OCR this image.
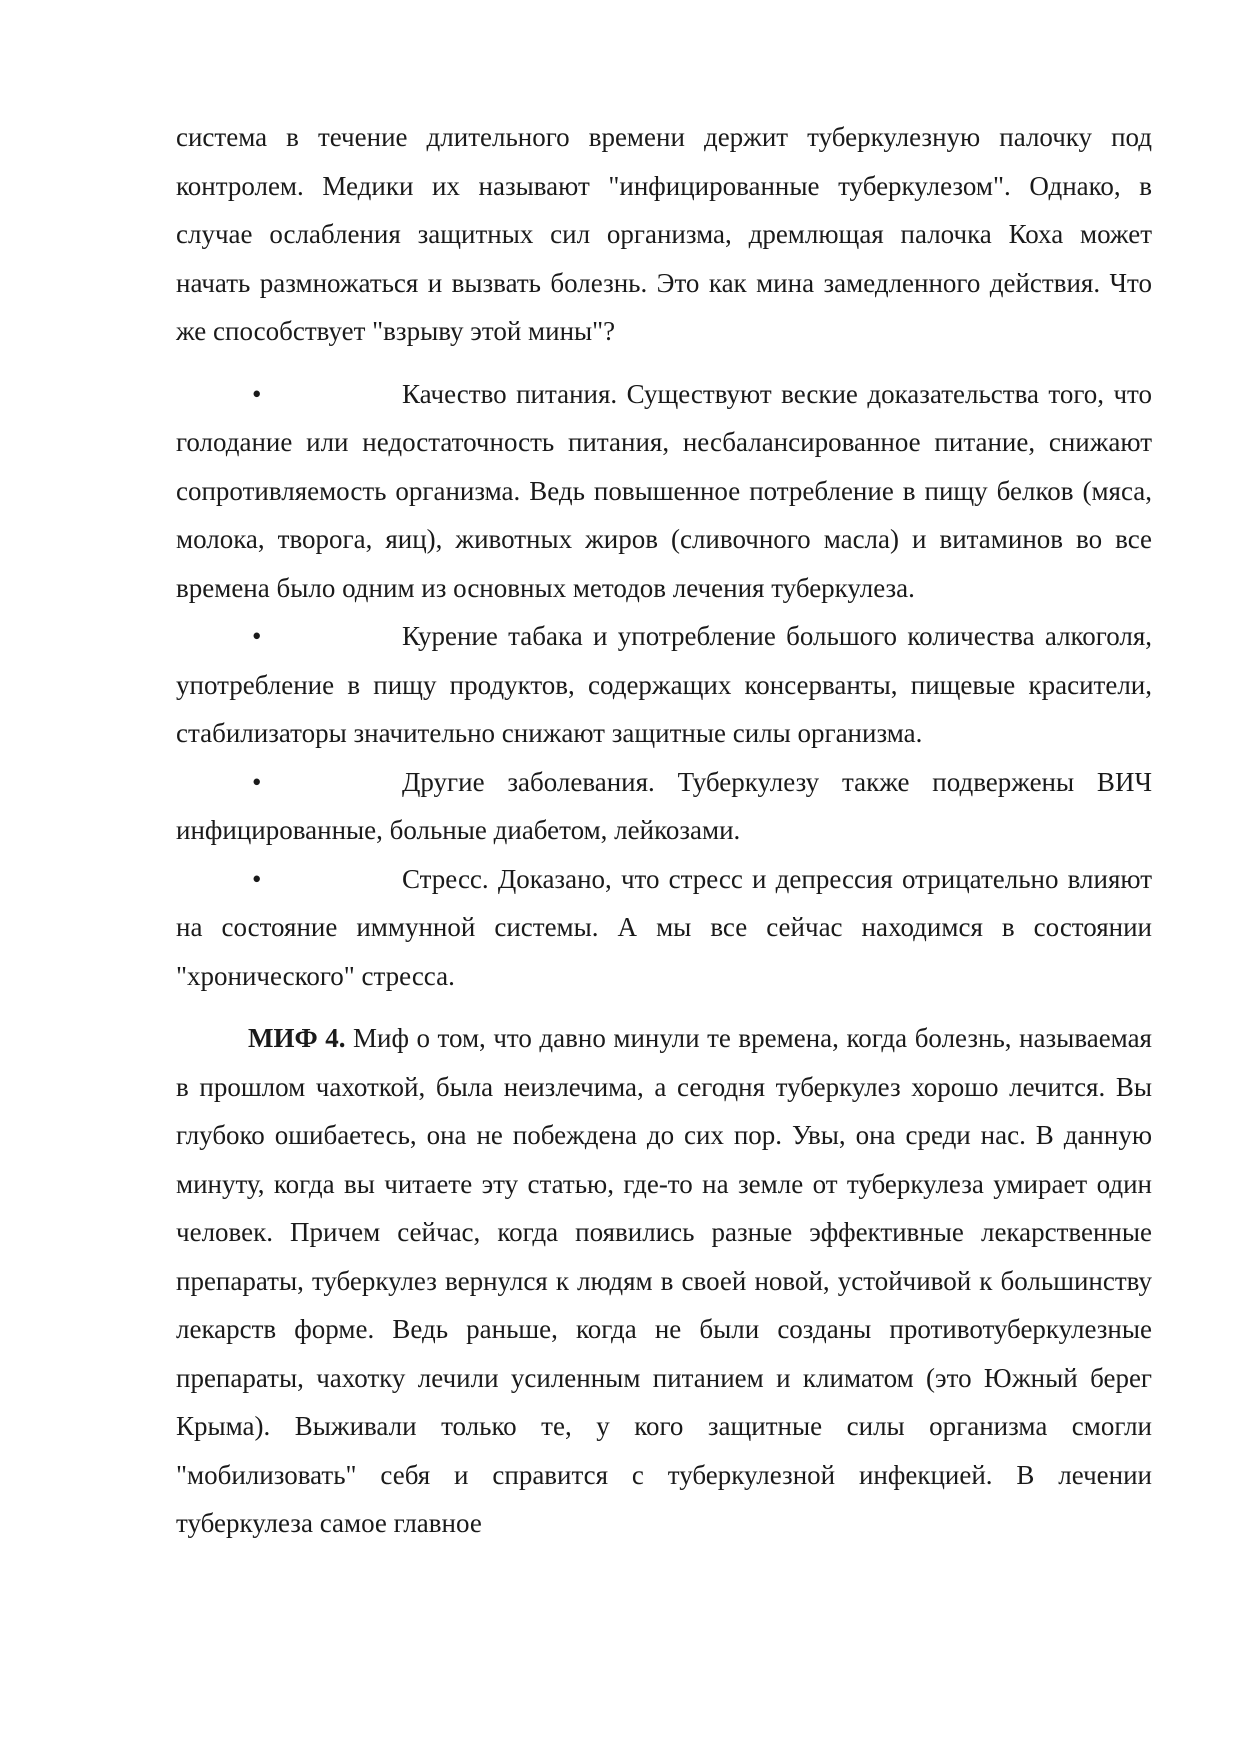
система в течение длительного времени держит туберкулезную палочку под контролем. Медики их называют "инфицированные туберкулезом". Однако, в случае ослабления защитных сил организма, дремлющая палочка Коха может начать размножаться и вызвать болезнь. Это как мина замедленного действия. Что же способствует "взрыву этой мины"?

•	Качество питания. Существуют веские доказательства того, что голодание или недостаточность питания, несбалансированное питание, снижают сопротивляемость организма. Ведь повышенное потребление в пищу белков (мяса, молока, творога, яиц), животных жиров (сливочного масла) и витаминов во все времена было одним из основных методов лечения туберкулеза.

•	Курение табака и употребление большого количества алкоголя, употребление в пищу продуктов, содержащих консерванты, пищевые красители, стабилизаторы значительно снижают защитные силы организма.

•	Другие заболевания. Туберкулезу также подвержены ВИЧ инфицированные, больные диабетом, лейкозами.

•	Стресс. Доказано, что стресс и депрессия отрицательно влияют на состояние иммунной системы. А мы все сейчас находимся в состоянии "хронического" стресса.

МИФ 4. Миф о том, что давно минули те времена, когда болезнь, называемая в прошлом чахоткой, была неизлечима, а сегодня туберкулез хорошо лечится. Вы глубоко ошибаетесь, она не побеждена до сих пор. Увы, она среди нас. В данную минуту, когда вы читаете эту статью, где-то на земле от туберкулеза умирает один человек. Причем сейчас, когда появились разные эффективные лекарственные препараты, туберкулез вернулся к людям в своей новой, устойчивой к большинству лекарств форме. Ведь раньше, когда не были созданы противотуберкулезные препараты, чахотку лечили усиленным питанием и климатом (это Южный берег Крыма). Выживали только те, у кого защитные силы организма смогли "мобилизовать" себя и справится с туберкулезной инфекцией. В лечении туберкулеза самое главное
